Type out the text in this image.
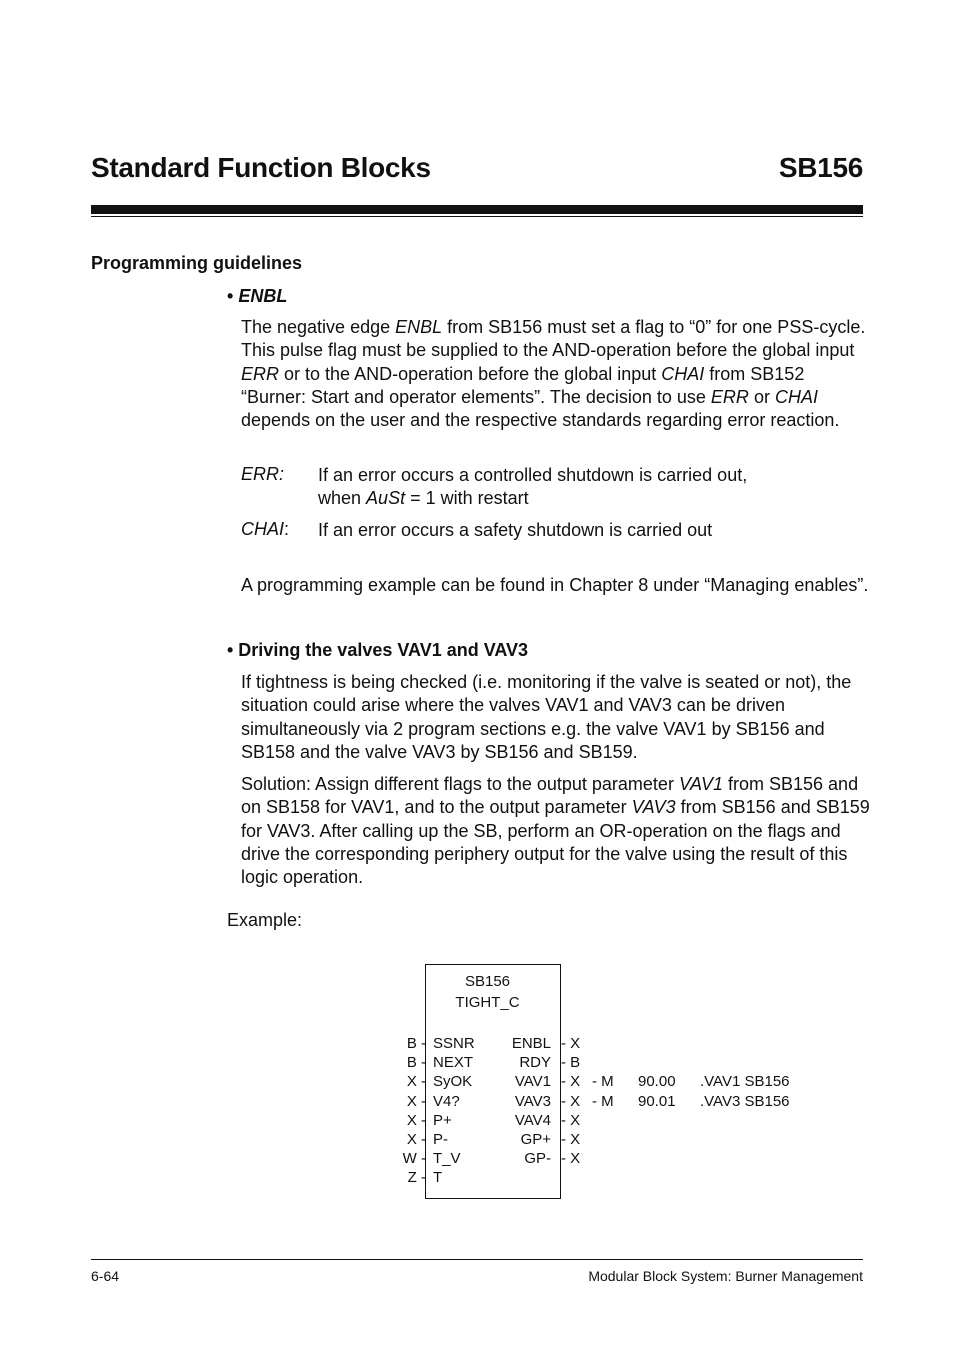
Standard Function Blocks	SB156
Programming guidelines
• ENBL
The negative edge ENBL from SB156 must set a flag to “0” for one PSS-cycle. This pulse flag must be supplied to the AND-operation before the global input ERR or to the AND-operation before the global input CHAI from SB152 “Burner: Start and operator elements”. The decision to use ERR or CHAI depends on the user and the respective standards regarding error reaction.
ERR: If an error occurs a controlled shutdown is carried out,
when AuSt = 1 with restart
CHAI: If an error occurs a safety shutdown is carried out
A programming example can be found in Chapter 8 under “Managing enables”.
• Driving the valves VAV1 and VAV3
If tightness is being checked (i.e. monitoring if the valve is seated or not), the situation could arise where the valves VAV1 and VAV3 can be driven simultaneously via 2 program sections e.g. the valve VAV1 by SB156 and SB158 and the valve VAV3 by SB156 and SB159.
Solution: Assign different flags to the output parameter VAV1 from SB156 and on SB158 for VAV1, and to the output parameter VAV3 from SB156 and SB159 for VAV3. After calling up the SB, perform an OR-operation on the flags and drive the corresponding periphery output for the valve using the result of this logic operation.
Example:
SB156
TIGHT_C
B -
B -
X -
X -
X -
X -
W -
Z -
SSNR
NEXT
SyOK
V4?
P+
P-
T_V
T
ENBL
RDY
VAV1
VAV3
VAV4
GP+
GP-
- X
- B
- X
- X
- X
- X
- X
- M
- M
90.00
90.01
.VAV1 SB156
.VAV3 SB156
6-64	Modular Block System: Burner Management
